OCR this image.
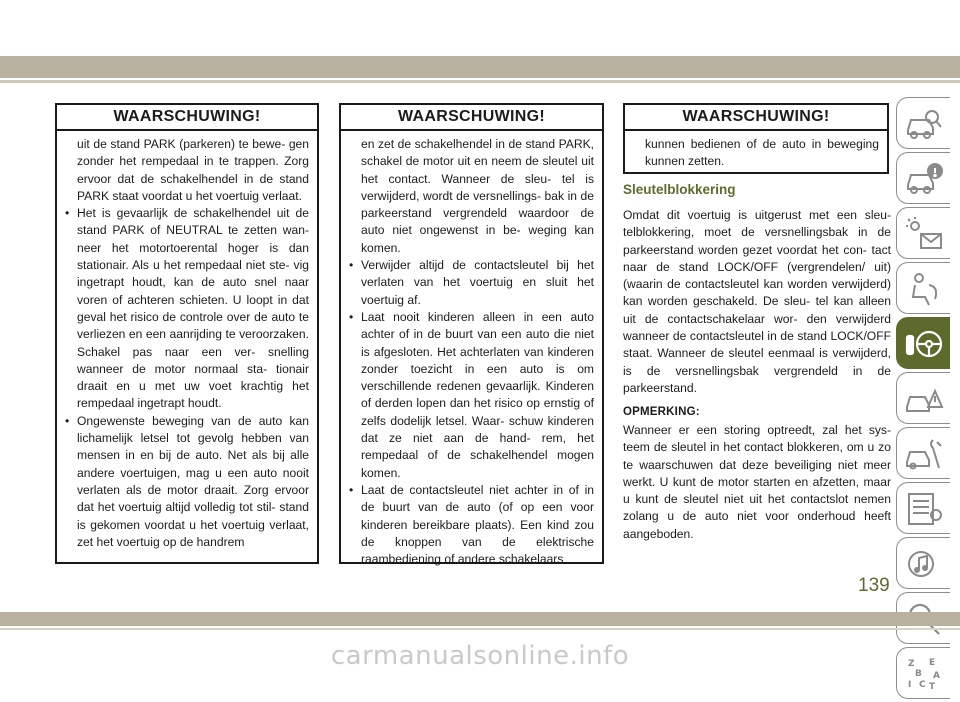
WAARSCHUWING!

uit de stand PARK (parkeren) te bewe- gen zonder het rempedaal in te trappen. Zorg ervoor dat de schakelhendel in de stand PARK staat voordat u het voertuig verlaat.

• Het is gevaarlijk de schakelhendel uit de stand PARK of NEUTRAL te zetten wan- neer het motortoerental hoger is dan stationair. Als u het rempedaal niet ste- vig ingetrapt houdt, kan de auto snel naar voren of achteren schieten. U loopt in dat geval het risico de controle over de auto te verliezen en een aanrijding te veroorzaken. Schakel pas naar een ver- snelling wanneer de motor normaal sta- tionair draait en u met uw voet krachtig het rempedaal ingetrapt houdt.
• Ongewenste beweging van de auto kan lichamelijk letsel tot gevolg hebben van mensen in en bij de auto. Net als bij alle andere voertuigen, mag u een auto nooit verlaten als de motor draait. Zorg ervoor dat het voertuig altijd volledig tot stil- stand is gekomen voordat u het voertuig verlaat, zet het voertuig op de handrem
WAARSCHUWING!

en zet de schakelhendel in de stand PARK, schakel de motor uit en neem de sleutel uit het contact. Wanneer de sleu- tel is verwijderd, wordt de versnellings- bak in de parkeerstand vergrendeld waardoor de auto niet ongewenst in be- weging kan komen.

• Verwijder altijd de contactsleutel bij het verlaten van het voertuig en sluit het voertuig af.
• Laat nooit kinderen alleen in een auto achter of in de buurt van een auto die niet is afgesloten. Het achterlaten van kinderen zonder toezicht in een auto is om verschillende redenen gevaarlijk. Kinderen of derden lopen dan het risico op ernstig of zelfs dodelijk letsel. Waar- schuw kinderen dat ze niet aan de hand- rem, het rempedaal of de schakelhendel mogen komen.
• Laat de contactsleutel niet achter in of in de buurt van de auto (of op een voor kinderen bereikbare plaats). Een kind zou de knoppen van de elektrische raambediening of andere schakelaars
WAARSCHUWING!

kunnen bedienen of de auto in beweging kunnen zetten.

Sleutelblokkering
Omdat dit voertuig is uitgerust met een sleu- telblokkering, moet de versnellingsbak in de parkeerstand worden gezet voordat het con- tact naar de stand LOCK/OFF (vergrendelen/ uit) (waarin de contactsleutel kan worden verwijderd) kan worden geschakeld. De sleu- tel kan alleen uit de contactschakelaar wor- den verwijderd wanneer de contactsleutel in de stand LOCK/OFF staat. Wanneer de sleutel eenmaal is verwijderd, is de versnellingsbak vergrendeld in de parkeerstand.
OPMERKING:
Wanneer er een storing optreedt, zal het sys- teem de sleutel in het contact blokkeren, om u zo te waarschuwen dat deze beveiliging niet meer werkt. U kunt de motor starten en afzetten, maar u kunt de sleutel niet uit het contactslot nemen zolang u de auto niet voor onderhoud heeft aangeboden.
Z E
B A
I C T
139
carmanualsonline.info
